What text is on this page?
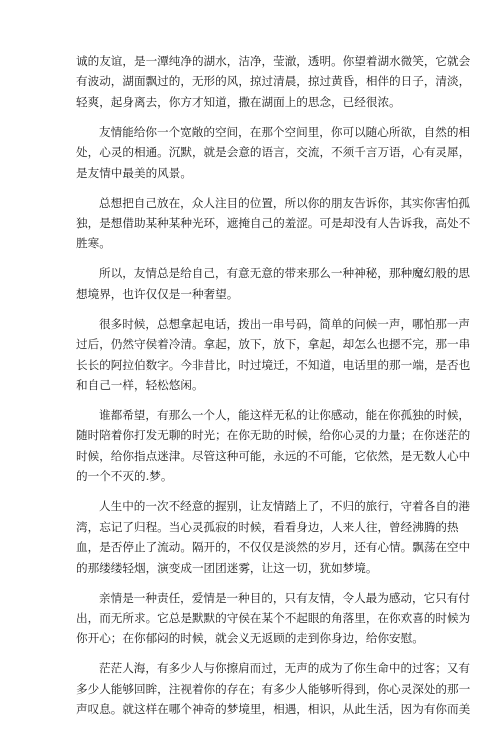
诚的友谊，是一潭纯净的湖水，洁净，莹澈，透明。你望着湖水微笑，它就会
有波动，湖面飘过的，无形的风，掠过清晨，掠过黄昏，相伴的日子，清淡，
轻爽，起身离去，你方才知道，撒在湖面上的思念，已经很浓。
友情能给你一个宽敞的空间，在那个空间里，你可以随心所欲，自然的相
处，心灵的相通。沉默，就是会意的语言，交流，不须千言万语，心有灵犀，
是友情中最美的风景。
总想把自己放在，众人注目的位置，所以你的朋友告诉你，其实你害怕孤
独，是想借助某种某种光环，遮掩自己的羞涩。可是却没有人告诉我，高处不
胜寒。
所以，友情总是给自己，有意无意的带来那么一种神秘，那种魔幻般的思
想境界，也许仅仅是一种奢望。
很多时候，总想拿起电话，拨出一串号码，简单的问候一声，哪怕那一声
过后，仍然守侯着冷清。拿起，放下，放下，拿起，却怎么也摁不完，那一串
长长的阿拉伯数字。今非昔比，时过境迁，不知道，电话里的那一端，是否也
和自己一样，轻松悠闲。
谁都希望，有那么一个人，能这样无私的让你感动，能在你孤独的时候，
随时陪着你打发无聊的时光；在你无助的时候，给你心灵的力量；在你迷茫的
时候，给你指点迷津。尽管这种可能，永远的不可能，它依然，是无数人心中
的一个不灭的.梦。
人生中的一次不经意的握别，让友情踏上了，不归的旅行，守着各自的港
湾，忘记了归程。当心灵孤寂的时候，看看身边，人来人往，曾经沸腾的热
血，是否停止了流动。隔开的，不仅仅是淡然的岁月，还有心情。飘荡在空中
的那缕缕轻烟，演变成一团团迷雾，让这一切，犹如梦境。
亲情是一种责任，爱情是一种目的，只有友情，令人最为感动，它只有付
出，而无所求。它总是默默的守侯在某个不起眼的角落里，在你欢喜的时候为
你开心；在你郁闷的时候，就会义无返顾的走到你身边，给你安慰。
茫茫人海，有多少人与你擦肩而过，无声的成为了你生命中的过客；又有
多少人能够回眸，注视着你的存在；有多少人能够听得到，你心灵深处的那一
声叹息。就这样在哪个神奇的梦境里，相遇，相识，从此生活，因为有你而美
